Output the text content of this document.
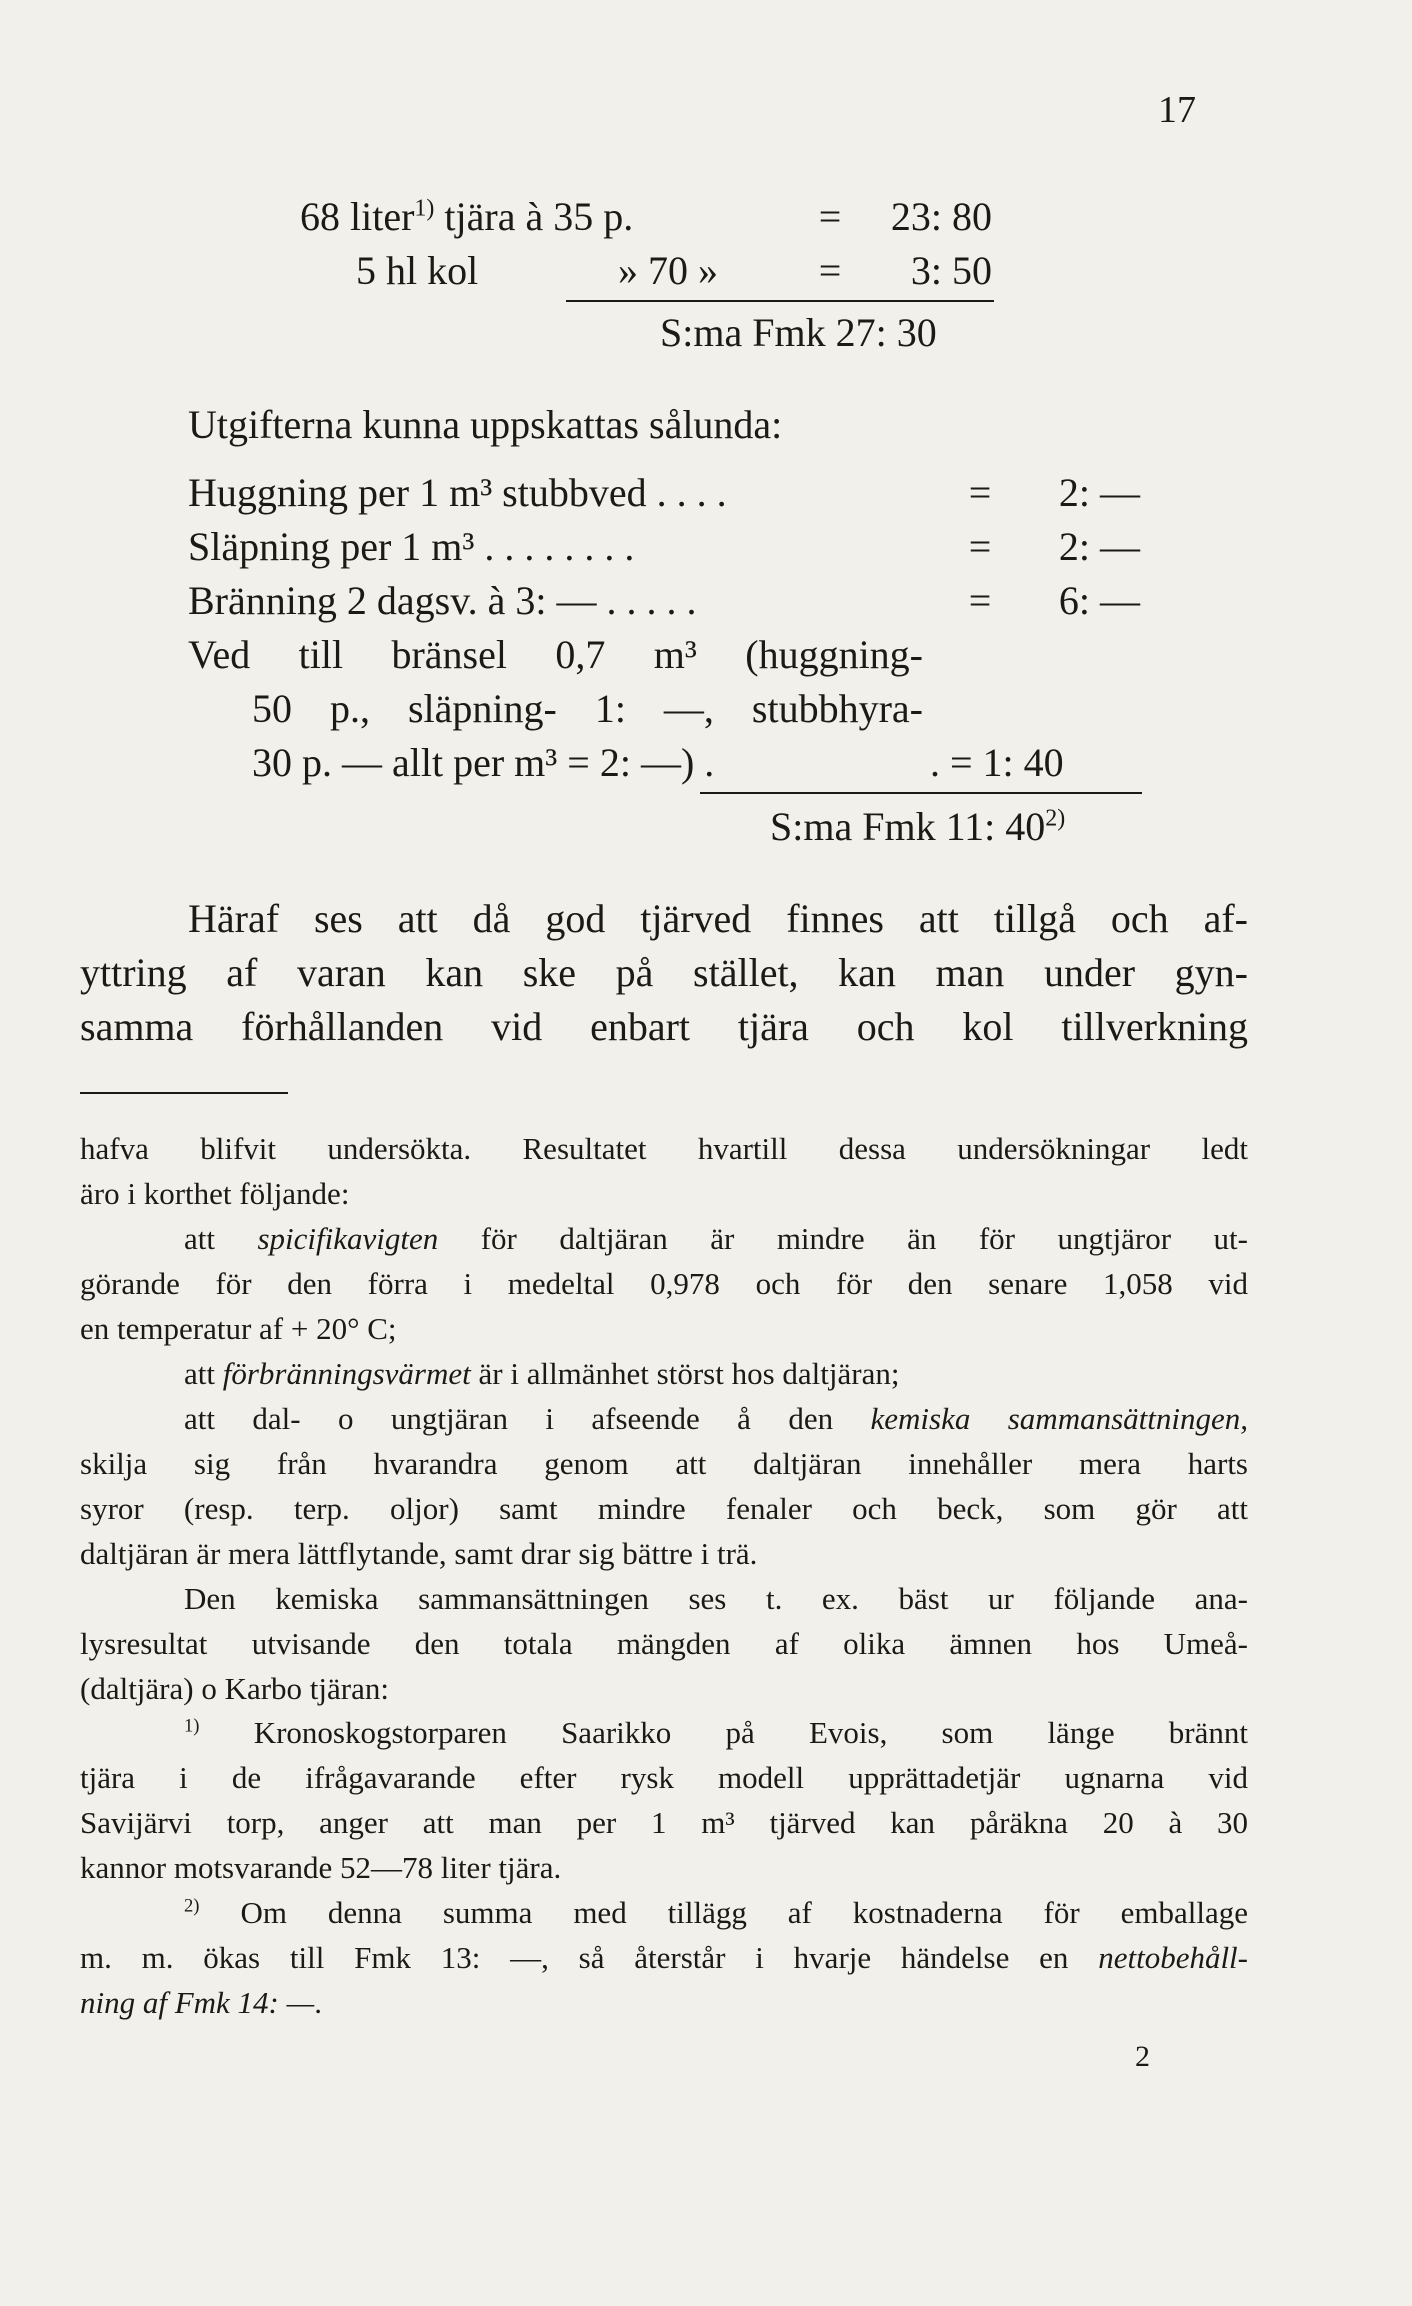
17
68 liter$^{1)}$ tjära à 35 p.	=	23: 80
5 hl kol	» 70 »	=	3: 50
S:ma Fmk 27: 30
Utgifterna kunna uppskattas sålunda:
Huggning per 1 m³ stubbved . . . .	=	2: —
Släpning per 1 m³ . . . . . . . .	=	2: —
Bränning 2 dagsv. à 3: — . . . . .	=	6: —
Ved till bränsel 0,7 m³ (huggning-
50 p., släpning- 1: —, stubbhyra-
30 p. — allt per m³ = 2: —) .	. = 1: 40
S:ma Fmk 11: 40$^{2)}$
Häraf ses att då god tjärved finnes att tillgå och af-
yttring af varan kan ske på stället, kan man under gyn-
samma förhållanden vid enbart tjära och kol tillverkning
hafva blifvit undersökta. Resultatet hvartill dessa undersökningar ledt
äro i korthet följande:
att spicifikavigten för daltjäran är mindre än för ungtjäror ut-
görande för den förra i medeltal 0,978 och för den senare 1,058 vid
en temperatur af + 20° C;
att förbränningsvärmet är i allmänhet störst hos daltjäran;
att dal- o ungtjäran i afseende å den kemiska sammansättningen,
skilja sig från hvarandra genom att daltjäran innehåller mera harts
syror (resp. terp. oljor) samt mindre fenaler och beck, som gör att
daltjäran är mera lättflytande, samt drar sig bättre i trä.
Den kemiska sammansättningen ses t. ex. bäst ur följande ana-
lysresultat utvisande den totala mängden af olika ämnen hos Umeå-
(daltjära) o Karbo tjäran:
$^{1)}$ Kronoskogstorparen Saarikko på Evois, som länge brännt
tjära i de ifrågavarande efter rysk modell upprättadetjär ugnarna vid
Savijärvi torp, anger att man per 1 m³ tjärved kan påräkna 20 à 30
kannor motsvarande 52—78 liter tjära.
$^{2)}$ Om denna summa med tillägg af kostnaderna för emballage
m. m. ökas till Fmk 13: —, så återstår i hvarje händelse en nettobehåll-
ning af Fmk 14: —.
2
